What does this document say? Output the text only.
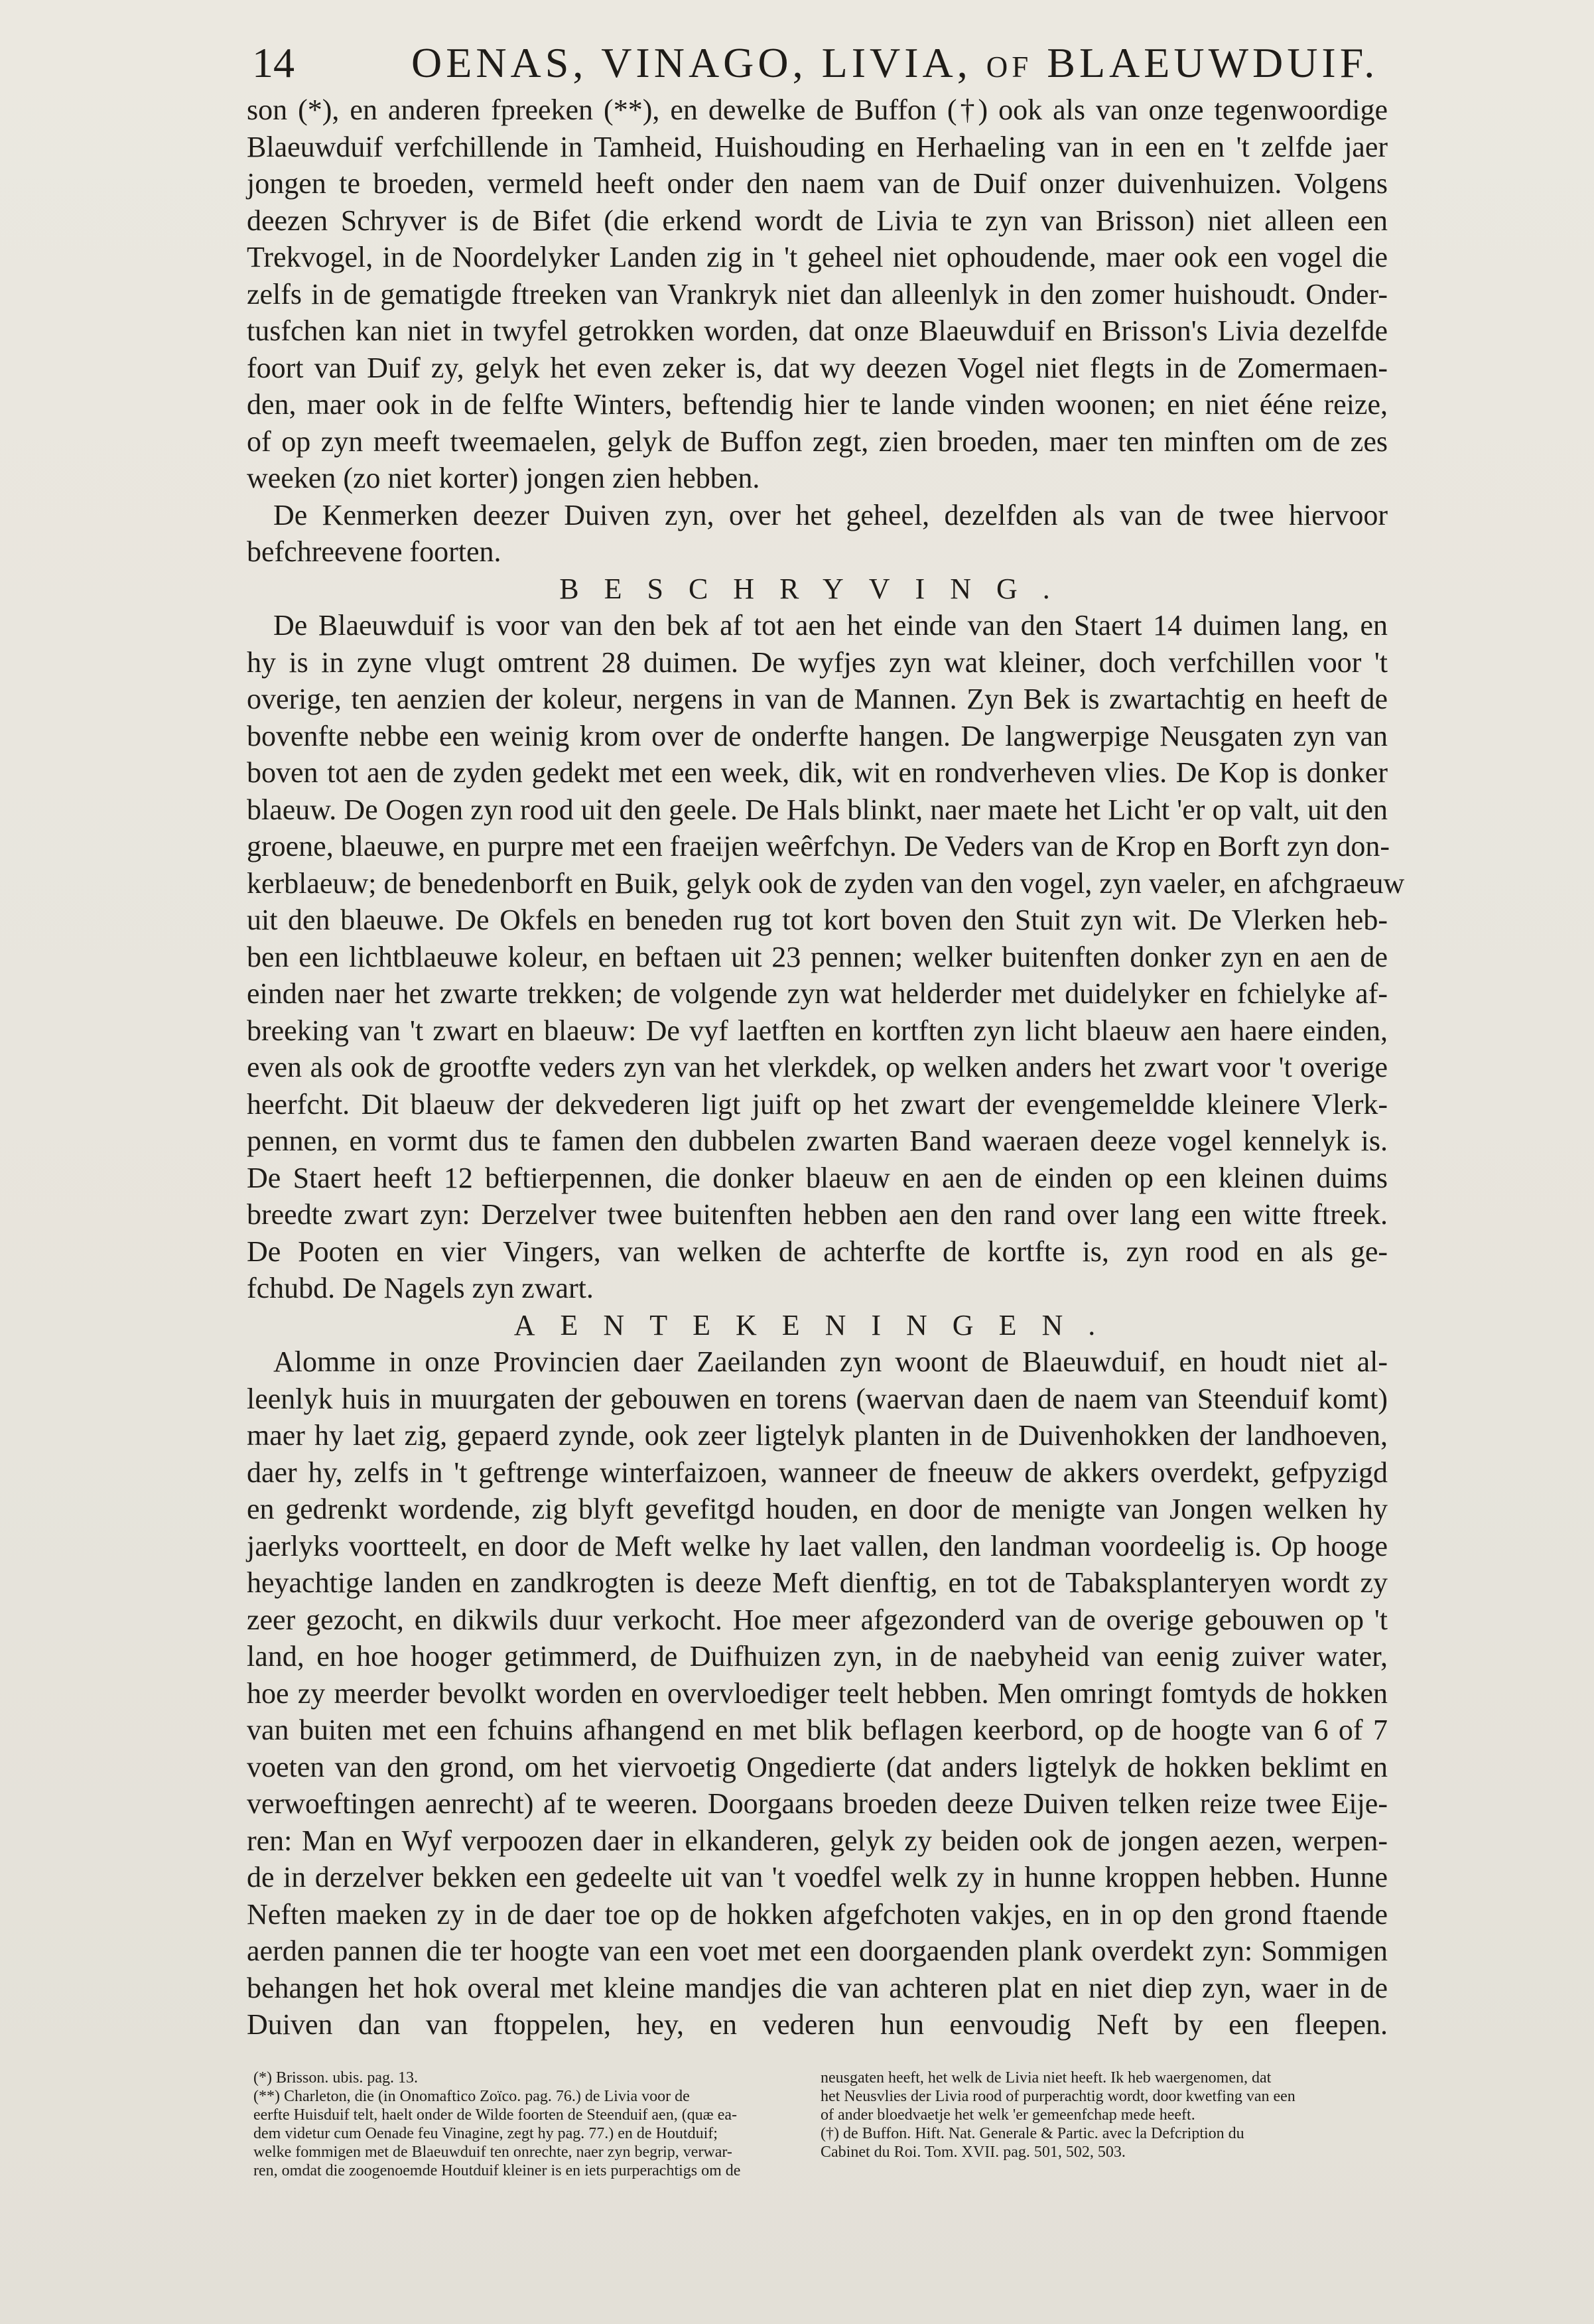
14	OENAS, VINAGO, LIVIA, of BLAEUWDUIF.
son (*), en anderen fpreeken (**), en dewelke de Buffon (†) ook als van onze tegenwoordige
Blaeuwduif verfchillende in Tamheid, Huishouding en Herhaeling van in een en 't zelfde jaer
jongen te broeden, vermeld heeft onder den naem van de Duif onzer duivenhuizen. Volgens
deezen Schryver is de Bifet (die erkend wordt de Livia te zyn van Brisson) niet alleen een
Trekvogel, in de Noordelyker Landen zig in 't geheel niet ophoudende, maer ook een vogel die
zelfs in de gematigde ftreeken van Vrankryk niet dan alleenlyk in den zomer huishoudt. Onder-
tusfchen kan niet in twyfel getrokken worden, dat onze Blaeuwduif en Brisson's Livia dezelfde
foort van Duif zy, gelyk het even zeker is, dat wy deezen Vogel niet flegts in de Zomermaen-
den, maer ook in de felfte Winters, beftendig hier te lande vinden woonen; en niet éénе reize,
of op zyn meeft tweemaelen, gelyk de Buffon zegt, zien broeden, maer ten minften om de zes
weeken (zo niet korter) jongen zien hebben.
De Kenmerken deezer Duiven zyn, over het geheel, dezelfden als van de twee hiervoor
befchreevene foorten.
BESCHRYVING.
De Blaeuwduif is voor van den bek af tot aen het einde van den Staert 14 duimen lang, en
hy is in zyne vlugt omtrent 28 duimen. De wyfjes zyn wat kleiner, doch verfchillen voor 't
overige, ten aenzien der koleur, nergens in van de Mannen. Zyn Bek is zwartachtig en heeft de
bovenfte nebbe een weinig krom over de onderfte hangen. De langwerpige Neusgaten zyn van
boven tot aen de zyden gedekt met een week, dik, wit en rondverheven vlies. De Kop is donker
blaeuw. De Oogen zyn rood uit den geele. De Hals blinkt, naer maete het Licht 'er op valt, uit den
groene, blaeuwe, en purpre met een fraeijen weêrfchyn. De Veders van de Krop en Borft zyn don-
kerblaeuw; de benedenborft en Buik, gelyk ook de zyden van den vogel, zyn vaeler, en afchgraeuw
uit den blaeuwe. De Okfels en beneden rug tot kort boven den Stuit zyn wit. De Vlerken heb-
ben een lichtblaeuwe koleur, en beftaen uit 23 pennen; welker buitenften donker zyn en aen de
einden naer het zwarte trekken; de volgende zyn wat helderder met duidelyker en fchielyke af-
breeking van 't zwart en blaeuw: De vyf laetften en kortften zyn licht blaeuw aen haere einden,
even als ook de grootfte veders zyn van het vlerkdek, op welken anders het zwart voor 't overige
heerfcht. Dit blaeuw der dekvederen ligt juift op het zwart der evengemeldde kleinere Vlerk-
pennen, en vormt dus te famen den dubbelen zwarten Band waeraen deeze vogel kennelyk is.
De Staert heeft 12 beftierpennen, die donker blaeuw en aen de einden op een kleinen duims
breedte zwart zyn: Derzelver twee buitenften hebben aen den rand over lang een witte ftreek.
De Pooten en vier Vingers, van welken de achterfte de kortfte is, zyn rood en als ge-
fchubd. De Nagels zyn zwart.
AENTEKENINGEN.
Alomme in onze Provincien daer Zaeilanden zyn woont de Blaeuwduif, en houdt niet al-
leenlyk huis in muurgaten der gebouwen en torens (waervan daen de naem van Steenduif komt)
maer hy laet zig, gepaerd zynde, ook zeer ligtelyk planten in de Duivenhokken der landhoeven,
daer hy, zelfs in 't geftrenge winterfaizoen, wanneer de fneeuw de akkers overdekt, gefpyzigd
en gedrenkt wordende, zig blyft gevefitgd houden, en door de menigte van Jongen welken hy
jaerlyks voortteelt, en door de Meft welke hy laet vallen, den landman voordeelig is. Op hooge
heyachtige landen en zandkrogten is deeze Meft dienftig, en tot de Tabaksplanteryen wordt zy
zeer gezocht, en dikwils duur verkocht. Hoe meer afgezonderd van de overige gebouwen op 't
land, en hoe hooger getimmerd, de Duifhuizen zyn, in de naebyheid van eenig zuiver water,
hoe zy meerder bevolkt worden en overvloediger teelt hebben. Men omringt fomtyds de hokken
van buiten met een fchuins afhangend en met blik beflagen keerbord, op de hoogte van 6 of 7
voeten van den grond, om het viervoetig Ongedierte (dat anders ligtelyk de hokken beklimt en
verwoeftingen aenrecht) af te weeren. Doorgaans broeden deeze Duiven telken reize twee Eije-
ren: Man en Wyf verpoozen daer in elkanderen, gelyk zy beiden ook de jongen aezen, werpen-
de in derzelver bekken een gedeelte uit van 't voedfel welk zy in hunne kroppen hebben. Hunne
Neften maeken zy in de daer toe op de hokken afgefchoten vakjes, en in op den grond ftaende
aerden pannen die ter hoogte van een voet met een doorgaenden plank overdekt zyn: Sommigen
behangen het hok overal met kleine mandjes die van achteren plat en niet diep zyn, waer in de
Duiven dan van ftoppelen, hey, en vederen hun eenvoudig Neft by een fleepen.
(*) Brisson. ubis. pag. 13.
(**) Charleton, die (in Onomaftico Zoïco. pag. 76.) de Livia voor de
eerfte Huisduif telt, haelt onder de Wilde foorten de Steenduif aen, (quæ ea-
dem videtur cum Oenade feu Vinagine, zegt hy pag. 77.) en de Houtduif;
welke fommigen met de Blaeuwduif ten onrechte, naer zyn begrip, verwar-
ren, omdat die zoogenoemde Houtduif kleiner is en iets purperachtigs om de
neusgaten heeft, het welk de Livia niet heeft. Ik heb waergenomen, dat
het Neusvlies der Livia rood of purperachtig wordt, door kwetfing van een
of ander bloedvaetje het welk 'er gemeenfchap mede heeft.
(†) de Buffon. Hift. Nat. Generale & Partic. avec la Defcription du
Cabinet du Roi. Tom. XVII. pag. 501, 502, 503.
